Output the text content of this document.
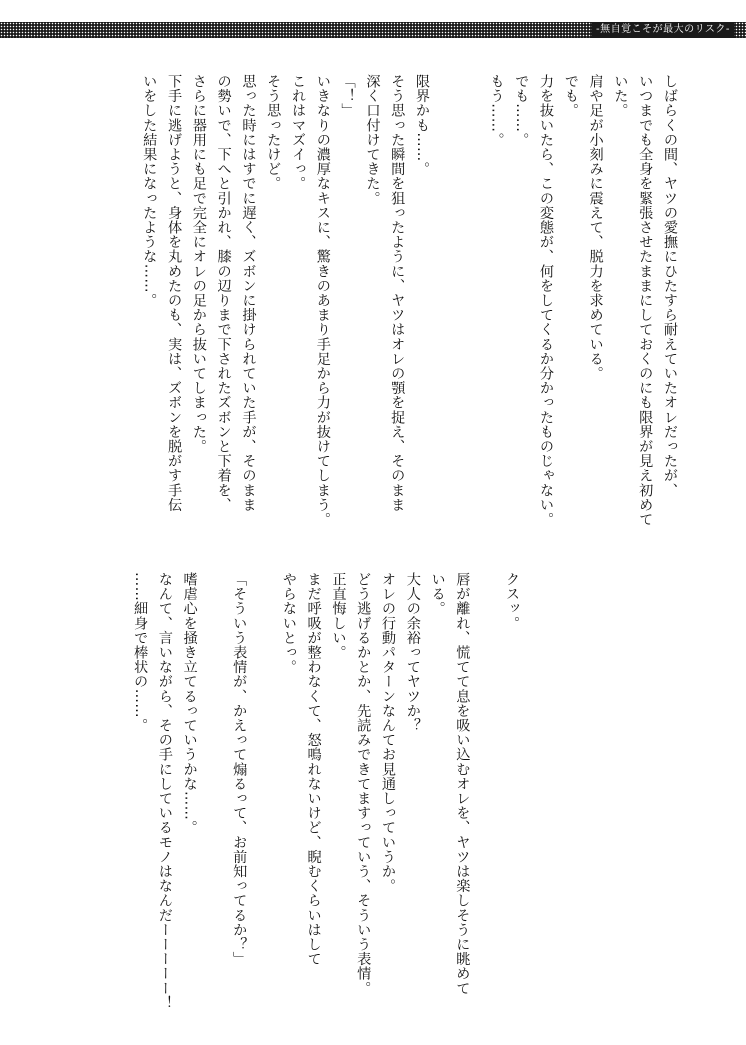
-無自覚こそが最大のリスク-
しばらくの間、ヤツの愛撫にひたすら耐えていたオレだったが、
いつまでも全身を緊張させたままにしておくのにも限界が見え初めて
いた。
肩や足が小刻みに震えて、脱力を求めている。
でも。
力を抜いたら、この変態が、何をしてくるか分かったものじゃない。
でも……。
もう……。

限界かも……。
そう思った瞬間を狙ったように、ヤツはオレの顎を捉え、そのまま
深く口付けてきた。
「！」
いきなりの濃厚なキスに、驚きのあまり手足から力が抜けてしまう。
これはマズイっ。
そう思ったけど。
思った時にはすでに遅く、ズボンに掛けられていた手が、そのまま
の勢いで、下へと引かれ、膝の辺りまで下されたズボンと下着を、
さらに器用にも足で完全にオレの足から抜いてしまった。
下手に逃げようと、身体を丸めたのも、実は、ズボンを脱がす手伝
いをした結果になったような……。
クスッ。

唇が離れ、慌てて息を吸い込むオレを、ヤツは楽しそうに眺めて
いる。
大人の余裕ってヤツか？
オレの行動パターンなんてお見通しっていうか。
どう逃げるかとか、先読みできてますっていう、そういう表情。
正直悔しい。
まだ呼吸が整わなくて、怒鳴れないけど、睨むくらいはして
やらないとっ。

「そういう表情が、かえって煽るって、お前知ってるか？」

嗜虐心を掻き立てるっていうかな……。
なんて、言いながら、その手にしているモノはなんだーーーーー！
……細身で棒状の……。
